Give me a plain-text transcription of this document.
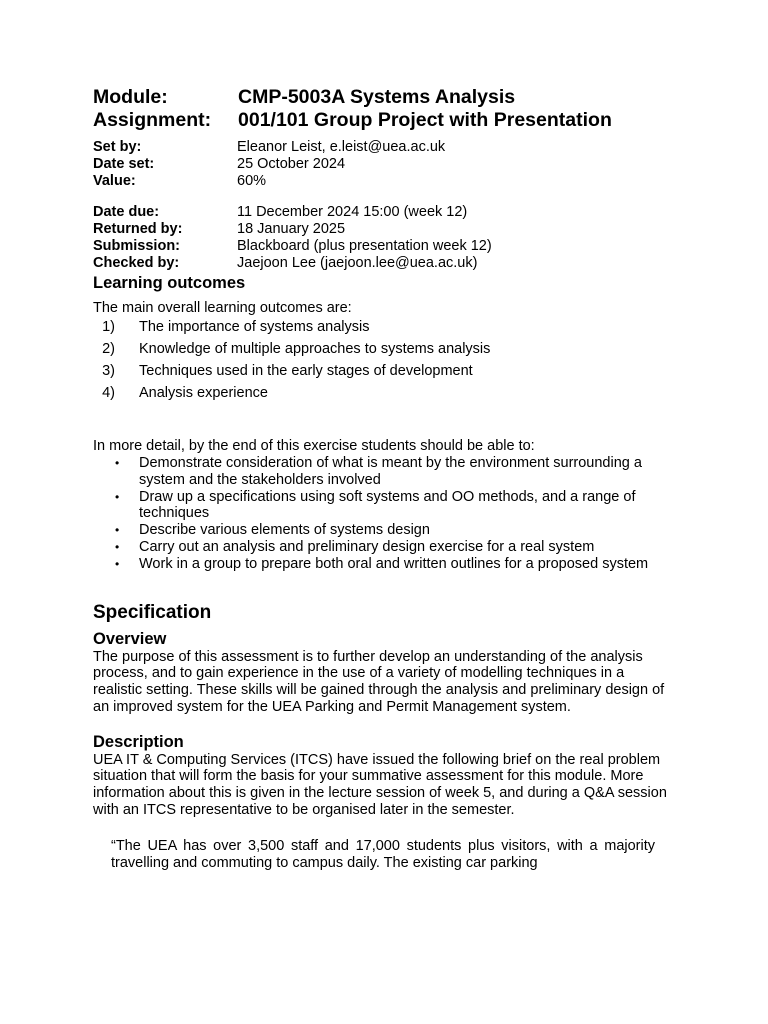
Module:	CMP-5003A Systems Analysis
Assignment:	001/101 Group Project with Presentation
Set by:	Eleanor Leist, e.leist@uea.ac.uk
Date set:	25 October 2024
Value:	60%
Date due:	11 December 2024 15:00 (week 12)
Returned by:	18 January 2025
Submission:	Blackboard (plus presentation week 12)
Checked by:	Jaejoon Lee (jaejoon.lee@uea.ac.uk)
Learning outcomes

The main overall learning outcomes are:

1)	The importance of systems analysis
2)	Knowledge of multiple approaches to systems analysis
3)	Techniques used in the early stages of development
4)	Analysis experience

In more detail, by the end of this exercise students should be able to:

•	Demonstrate consideration of what is meant by the environment surrounding a system and the stakeholders involved
•	Draw up a specifications using soft systems and OO methods, and a range of techniques
•	Describe various elements of systems design
•	Carry out an analysis and preliminary design exercise for a real system
•	Work in a group to prepare both oral and written outlines for a proposed system
Specification
Overview

The purpose of this assessment is to further develop an understanding of the analysis process, and to gain experience in the use of a variety of modelling techniques in a realistic setting. These skills will be gained through the analysis and preliminary design of an improved system for the UEA Parking and Permit Management system.

Description

UEA IT & Computing Services (ITCS) have issued the following brief on the real problem situation that will form the basis for your summative assessment for this module. More information about this is given in the lecture session of week 5, and during a Q&A session with an ITCS representative to be organised later in the semester.

“The UEA has over 3,500 staff and 17,000 students plus visitors, with a majority travelling and commuting to campus daily. The existing car parking
